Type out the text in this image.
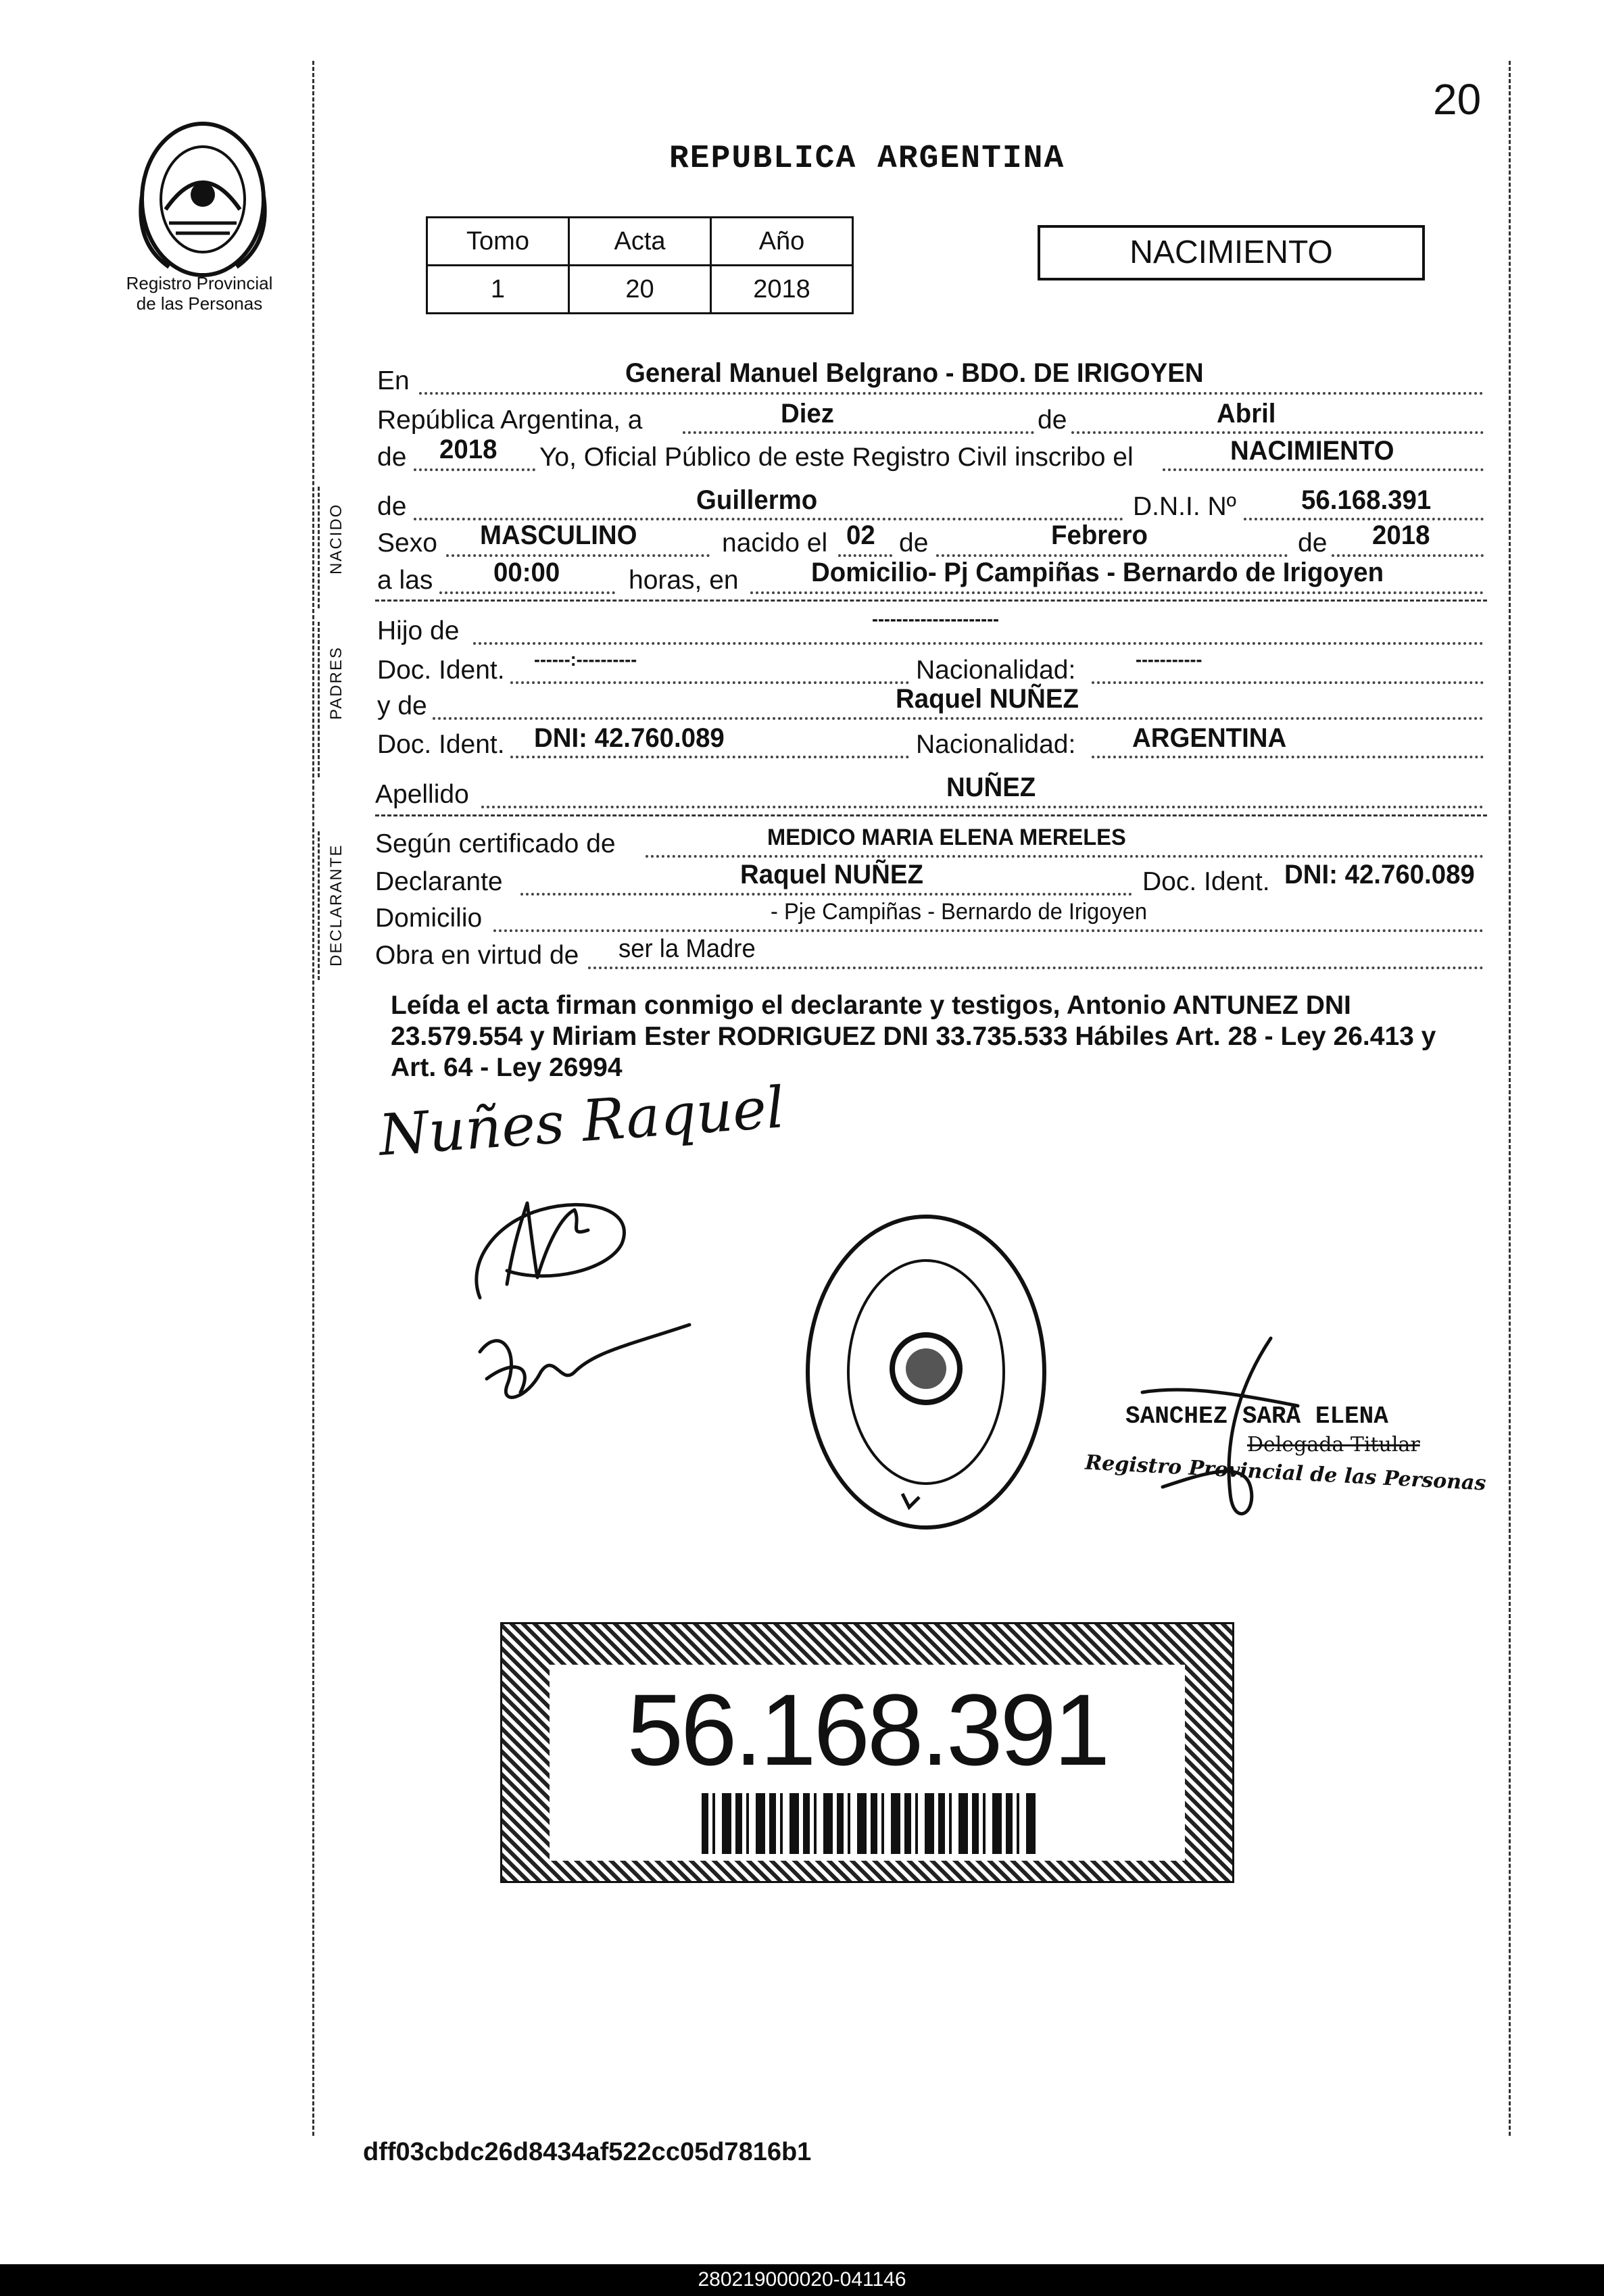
20
Registro Provincial
de las Personas
REPUBLICA ARGENTINA
Tomo	Acta	Año
1	20	2018
NACIMIENTO
NACIDO
PADRES
DECLARANTE
En	General Manuel Belgrano - BDO. DE IRIGOYEN
República Argentina, a	Diez	de	Abril
de 2018 Yo, Oficial Público de este Registro Civil inscribo el	NACIMIENTO
de	Guillermo	D.N.I. Nº 56.168.391
Sexo MASCULINO	nacido el 02 de	Febrero	de 2018
a las 00:00	horas, en	Domicilio- Pj Campiñas - Bernardo de Irigoyen
Hijo de	---------------------
Doc. Ident. ------:----------	Nacionalidad:	-----------
y de	Raquel NUÑEZ
Doc. Ident. DNI: 42.760.089	Nacionalidad: ARGENTINA
Apellido	NUÑEZ
Según certificado de	MEDICO MARIA ELENA MERELES
Declarante	Raquel NUÑEZ	Doc. Ident. DNI: 42.760.089
Domicilio	- Pje Campiñas - Bernardo de Irigoyen
Obra en virtud de ser la Madre
Leída el acta firman conmigo el declarante y testigos, Antonio ANTUNEZ DNI 23.579.554 y Miriam Ester RODRIGUEZ DNI 33.735.533 Hábiles Art. 28 - Ley 26.413 y Art. 64 - Ley 26994
Nuñes Raquel
SANCHEZ SARA ELENA
Delegada Titular
Registro Provincial de las Personas
56.168.391
dff03cbdc26d8434af522cc05d7816b1
280219000020-041146
